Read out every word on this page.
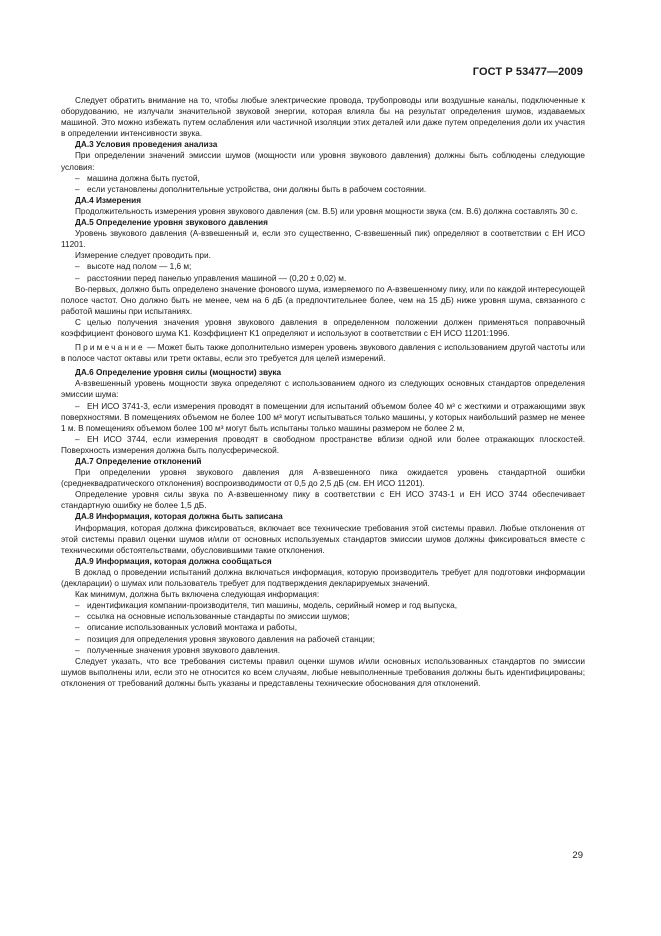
ГОСТ Р 53477—2009

Следует обратить внимание на то, чтобы любые электрические провода, трубопроводы или воздушные каналы, подключенные к оборудованию, не излучали значительной звуковой энергии, которая влияла бы на результат определения шумов, издаваемых машиной. Это можно избежать путем ослабления или частичной изоляции этих деталей или даже путем определения доли их участия в определении интенсивности звука.

ДА.3 Условия проведения анализа

При определении значений эмиссии шумов (мощности или уровня звукового давления) должны быть соблюдены следующие условия:

– машина должна быть пустой,

– если установлены дополнительные устройства, они должны быть в рабочем состоянии.

ДА.4 Измерения

Продолжительность измерения уровня звукового давления (см. В.5) или уровня мощности звука (см. В.6) должна составлять 30 с.

ДА.5 Определение уровня звукового давления

Уровень звукового давления (A-взвешенный и, если это существенно, C-взвешенный пик) определяют в соответствии с ЕН ИСО 11201.

Измерение следует проводить при.

– высоте над полом — 1,6 м;

– расстоянии перед панелью управления машиной — (0,20 ± 0,02) м.

Во-первых, должно быть определено значение фонового шума, измеряемого по A-взвешенному пику, или по каждой интересующей полосе частот. Оно должно быть не менее, чем на 6 дБ (а предпочтительнее более, чем на 15 дБ) ниже уровня шума, связанного с работой машины при испытаниях.

С целью получения значения уровня звукового давления в определенном положении должен применяться поправочный коэффициент фонового шума K1. Коэффициент K1 определяют и используют в соответствии с ЕН ИСО 11201:1996.

Примечание — Может быть также дополнительно измерен уровень звукового давления с использованием другой частоты или в полосе частот октавы или трети октавы, если это требуется для целей измерений.

ДА.6 Определение уровня силы (мощности) звука

A-взвешенный уровень мощности звука определяют с использованием одного из следующих основных стандартов определения эмиссии шума:

– ЕН ИСО 3741-3, если измерения проводят в помещении для испытаний объемом более 40 м³ с жесткими и отражающими звук поверхностями. В помещениях объемом не более 100 м³ могут испытываться только машины, у которых наибольший размер не менее 1 м. В помещениях объемом более 100 м³ могут быть испытаны только машины размером не более 2 м,

– ЕН ИСО 3744, если измерения проводят в свободном пространстве вблизи одной или более отражающих плоскостей. Поверхность измерения должна быть полусферической.

ДА.7 Определение отклонений

При определении уровня звукового давления для A-взвешенного пика ожидается уровень стандартной ошибки (среднеквадратического отклонения) воспроизводимости от 0,5 до 2,5 дБ (см. ЕН ИСО 11201).

Определение уровня силы звука по A-взвешенному пику в соответствии с ЕН ИСО 3743-1 и ЕН ИСО 3744 обеспечивает стандартную ошибку не более 1,5 дБ.

ДА.8 Информация, которая должна быть записана

Информация, которая должна фиксироваться, включает все технические требования этой системы правил. Любые отклонения от этой системы правил оценки шумов и/или от основных используемых стандартов эмиссии шумов должны фиксироваться вместе с техническими обстоятельствами, обусловившими такие отклонения.

ДА.9 Информация, которая должна сообщаться

В доклад о проведении испытаний должна включаться информация, которую производитель требует для подготовки информации (декларации) о шумах или пользователь требует для подтверждения декларируемых значений.

Как минимум, должна быть включена следующая информация:

– идентификация компании-производителя, тип машины, модель, серийный номер и год выпуска,

– ссылка на основные использованные стандарты по эмиссии шумов;

– описание использованных условий монтажа и работы,

– позиция для определения уровня звукового давления на рабочей станции;

– полученные значения уровня звукового давления.

Следует указать, что все требования системы правил оценки шумов и/или основных использованных стандартов по эмиссии шумов выполнены или, если это не относится ко всем случаям, любые невыполненные требования должны быть идентифицированы; отклонения от требований должны быть указаны и представлены технические обоснования для отклонений.

29
